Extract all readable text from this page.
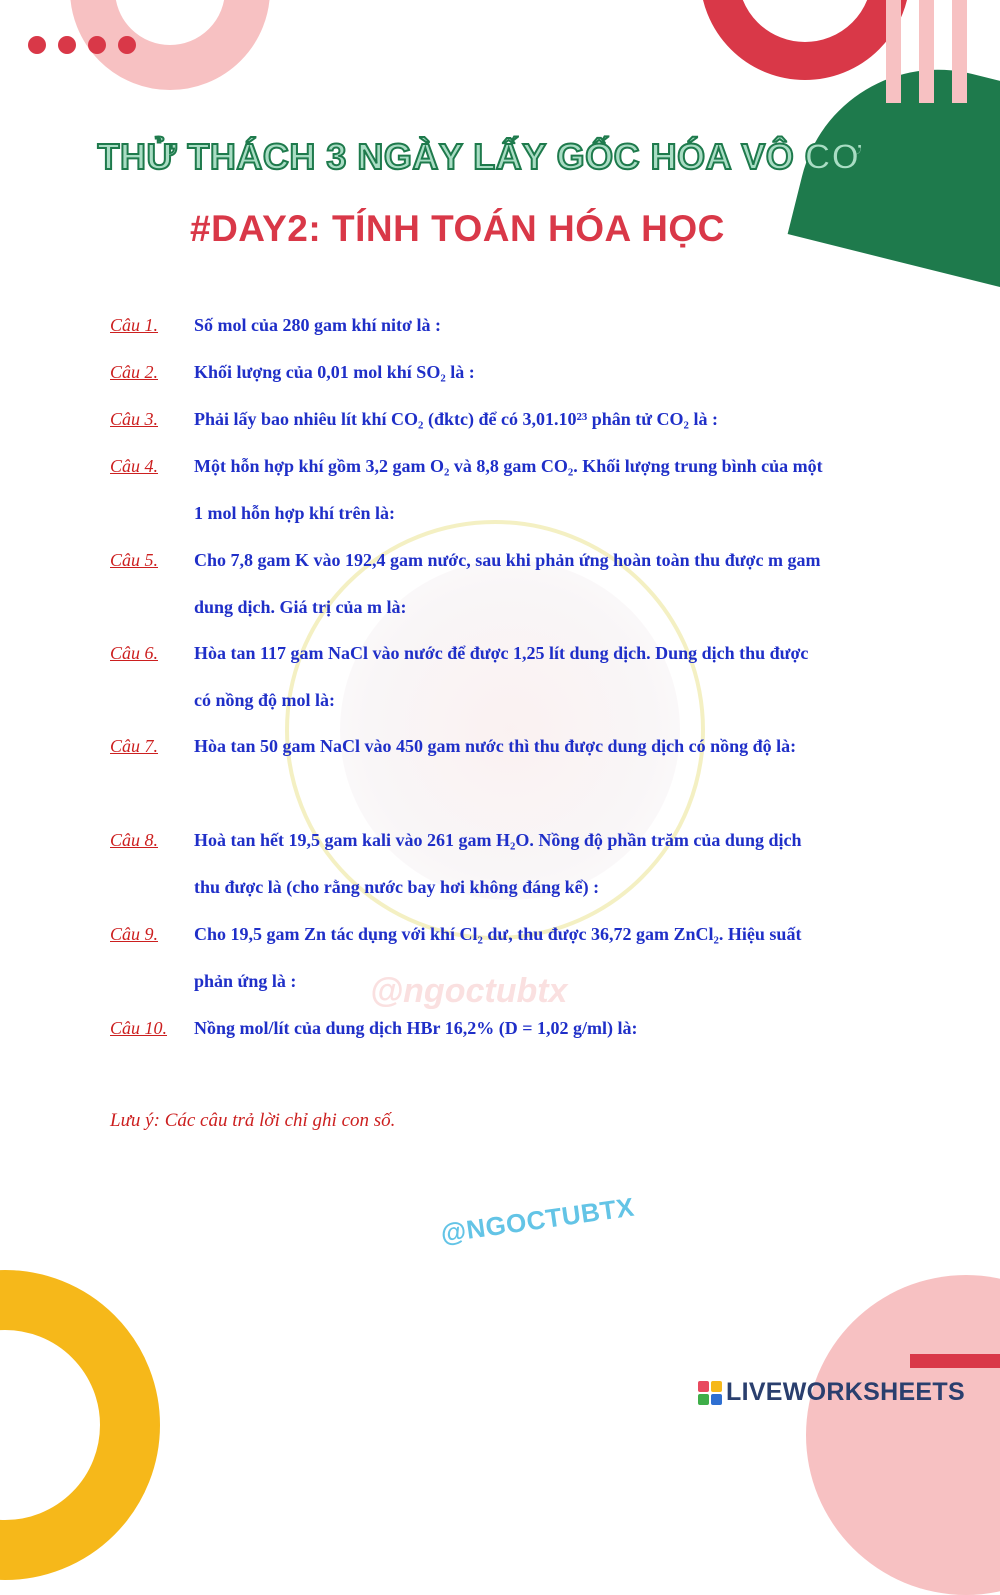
@ngoctubtx
THỬ THÁCH 3 NGÀY LẤY GỐC HÓA VÔ CƠ
#DAY2: TÍNH TOÁN HÓA HỌC
Câu 1. Số mol của 280 gam khí nitơ là :
Câu 2. Khối lượng của 0,01 mol khí SO₂ là :
Câu 3. Phải lấy bao nhiêu lít khí CO₂ (đktc) để có 3,01.10²³ phân tử CO₂ là :
Câu 4. Một hỗn hợp khí gồm 3,2 gam O₂ và 8,8 gam CO₂. Khối lượng trung bình của một
1 mol hỗn hợp khí trên là:
Câu 5. Cho 7,8 gam K vào 192,4 gam nước, sau khi phản ứng hoàn toàn thu được m gam
dung dịch. Giá trị của m là:
Câu 6. Hòa tan 117 gam NaCl vào nước để được 1,25 lít dung dịch. Dung dịch thu được
có nồng độ mol là:
Câu 7. Hòa tan 50 gam NaCl vào 450 gam nước thì thu được dung dịch có nồng độ là:
Câu 8. Hoà tan hết 19,5 gam kali vào 261 gam H₂O. Nồng độ phần trăm của dung dịch
thu được là (cho rằng nước bay hơi không đáng kể) :
Câu 9. Cho 19,5 gam Zn tác dụng với khí Cl₂ dư, thu được 36,72 gam ZnCl₂. Hiệu suất
phản ứng là :
Câu 10. Nồng mol/lít của dung dịch HBr 16,2% (D = 1,02 g/ml) là:
Lưu ý: Các câu trả lời chỉ ghi con số.
@NGOCTUBTX
LIVEWORKSHEETS
